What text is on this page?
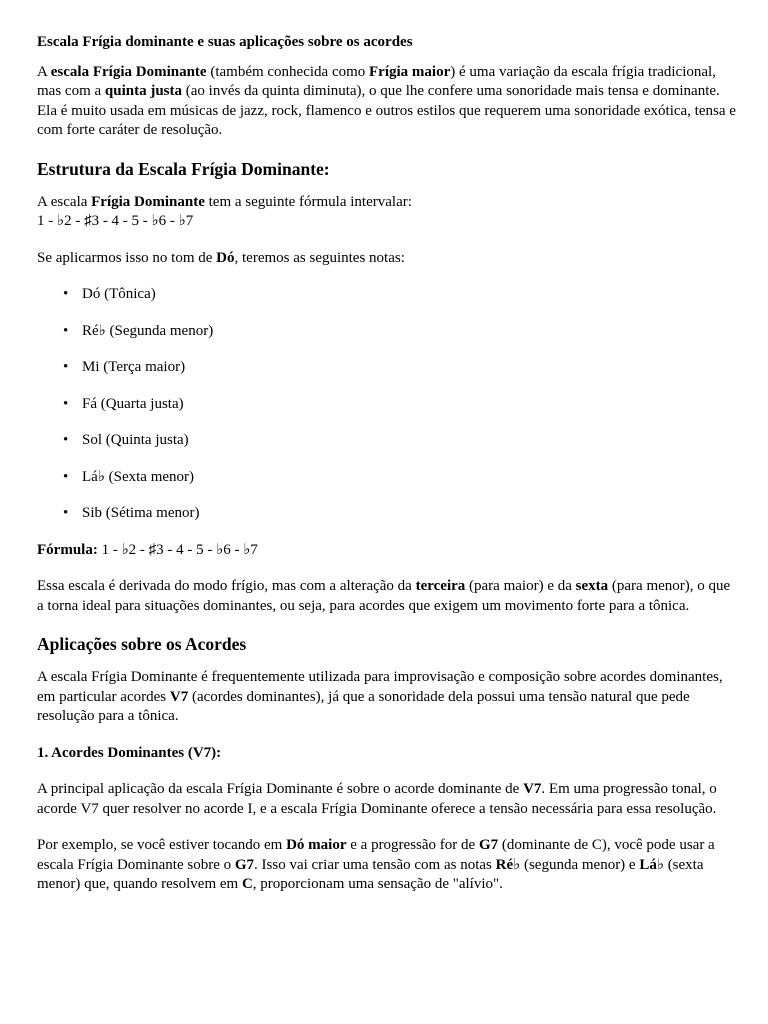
Escala Frígia dominante e suas aplicações sobre os acordes

A escala Frígia Dominante (também conhecida como Frígia maior) é uma variação da escala frígia tradicional, mas com a quinta justa (ao invés da quinta diminuta), o que lhe confere uma sonoridade mais tensa e dominante. Ela é muito usada em músicas de jazz, rock, flamenco e outros estilos que requerem uma sonoridade exótica, tensa e com forte caráter de resolução.

Estrutura da Escala Frígia Dominante:

A escala Frígia Dominante tem a seguinte fórmula intervalar:
1 - ♭2 - ♯3 - 4 - 5 - ♭6 - ♭7

Se aplicarmos isso no tom de Dó, teremos as seguintes notas:

• Dó (Tônica)
• Ré♭ (Segunda menor)
• Mi (Terça maior)
• Fá (Quarta justa)
• Sol (Quinta justa)
• Lá♭ (Sexta menor)
• Sib (Sétima menor)

Fórmula: 1 - ♭2 - ♯3 - 4 - 5 - ♭6 - ♭7

Essa escala é derivada do modo frígio, mas com a alteração da terceira (para maior) e da sexta (para menor), o que a torna ideal para situações dominantes, ou seja, para acordes que exigem um movimento forte para a tônica.

Aplicações sobre os Acordes

A escala Frígia Dominante é frequentemente utilizada para improvisação e composição sobre acordes dominantes, em particular acordes V7 (acordes dominantes), já que a sonoridade dela possui uma tensão natural que pede resolução para a tônica.

1. Acordes Dominantes (V7):

A principal aplicação da escala Frígia Dominante é sobre o acorde dominante de V7. Em uma progressão tonal, o acorde V7 quer resolver no acorde I, e a escala Frígia Dominante oferece a tensão necessária para essa resolução.

Por exemplo, se você estiver tocando em Dó maior e a progressão for de G7 (dominante de C), você pode usar a escala Frígia Dominante sobre o G7. Isso vai criar uma tensão com as notas Ré♭ (segunda menor) e Lá♭ (sexta menor) que, quando resolvem em C, proporcionam uma sensação de "alívio".
